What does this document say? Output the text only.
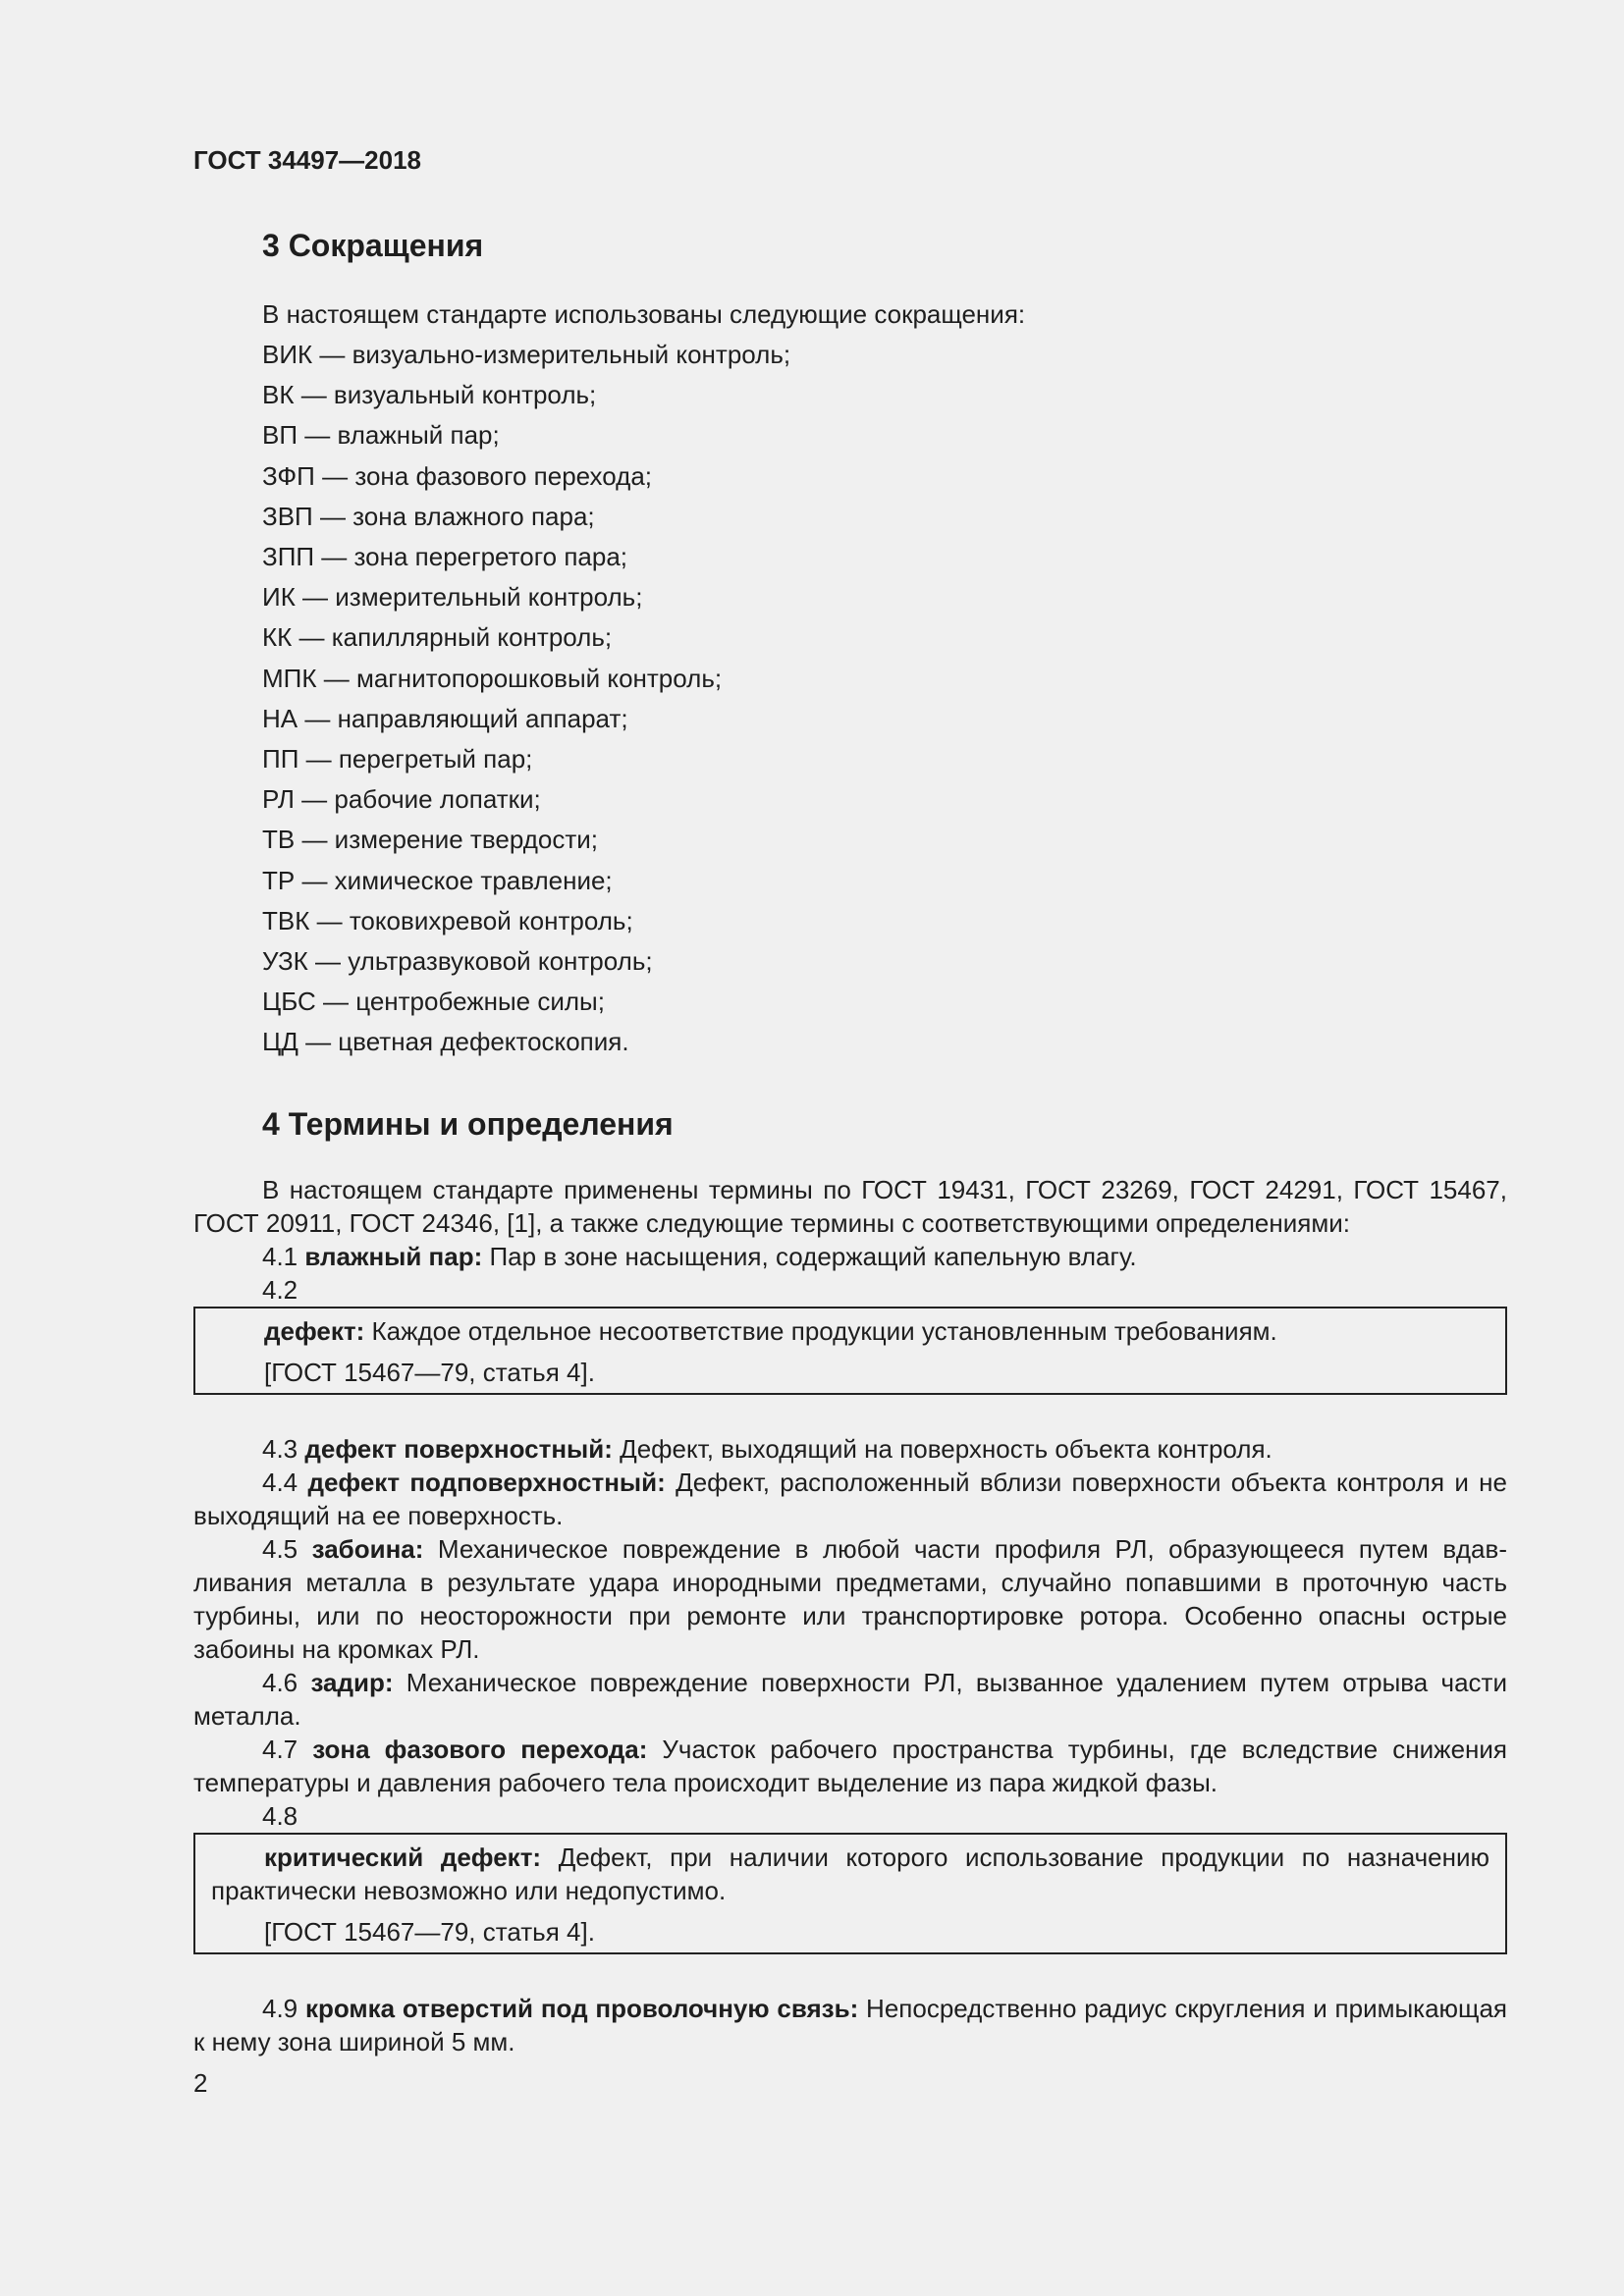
ГОСТ 34497—2018

3 Сокращения
В настоящем стандарте использованы следующие сокращения:
ВИК — визуально-измерительный контроль;
ВК — визуальный контроль;
ВП — влажный пар;
ЗФП — зона фазового перехода;
ЗВП — зона влажного пара;
ЗПП — зона перегретого пара;
ИК — измерительный контроль;
КК — капиллярный контроль;
МПК — магнитопорошковый контроль;
НА — направляющий аппарат;
ПП — перегретый пар;
РЛ — рабочие лопатки;
ТВ — измерение твердости;
ТР — химическое травление;
ТВК — токовихревой контроль;
УЗК — ультразвуковой контроль;
ЦБС — центробежные силы;
ЦД — цветная дефектоскопия.
4 Термины и определения

В настоящем стандарте применены термины по ГОСТ 19431, ГОСТ 23269, ГОСТ 24291, ГОСТ 15467, ГОСТ 20911, ГОСТ 24346, [1], а также следующие термины с соответствующими определениями:

4.1 влажный пар: Пар в зоне насыщения, содержащий капельную влагу.

4.2

дефект: Каждое отдельное несоответствие продукции установленным требованиям.

[ГОСТ 15467—79, статья 4].

4.3 дефект поверхностный: Дефект, выходящий на поверхность объекта контроля.

4.4 дефект подповерхностный: Дефект, расположенный вблизи поверхности объекта контроля и не выходящий на ее поверхность.

4.5 забоина: Механическое повреждение в любой части профиля РЛ, образующееся путем вдавливания металла в результате удара инородными предметами, случайно попавшими в проточную часть турбины, или по неосторожности при ремонте или транспортировке ротора. Особенно опасны острые забоины на кромках РЛ.

4.6 задир: Механическое повреждение поверхности РЛ, вызванное удалением путем отрыва части металла.

4.7 зона фазового перехода: Участок рабочего пространства турбины, где вследствие снижения температуры и давления рабочего тела происходит выделение из пара жидкой фазы.

4.8

критический дефект: Дефект, при наличии которого использование продукции по назначению практически невозможно или недопустимо.

[ГОСТ 15467—79, статья 4].

4.9 кромка отверстий под проволочную связь: Непосредственно радиус скругления и примыкающая к нему зона шириной 5 мм.

2
